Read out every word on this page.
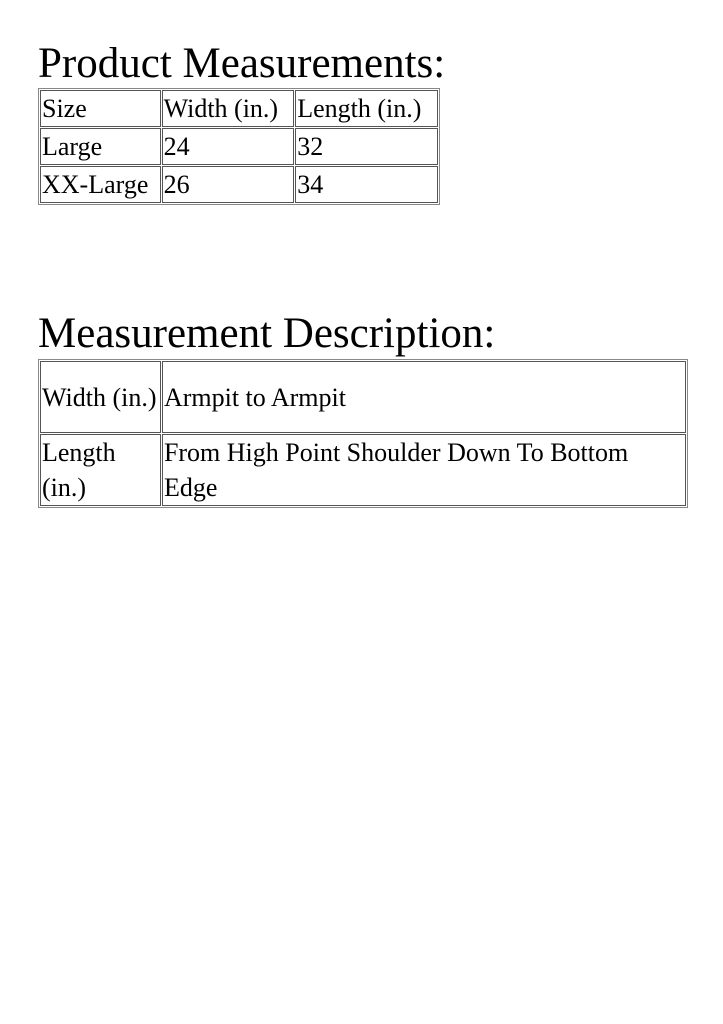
Product Measurements:
Size	Width (in.)	Length (in.)
Large	24	32
XX-Large	26	34
Measurement Description:
Width (in.)	Armpit to Armpit
Length (in.)	From High Point Shoulder Down To Bottom Edge
